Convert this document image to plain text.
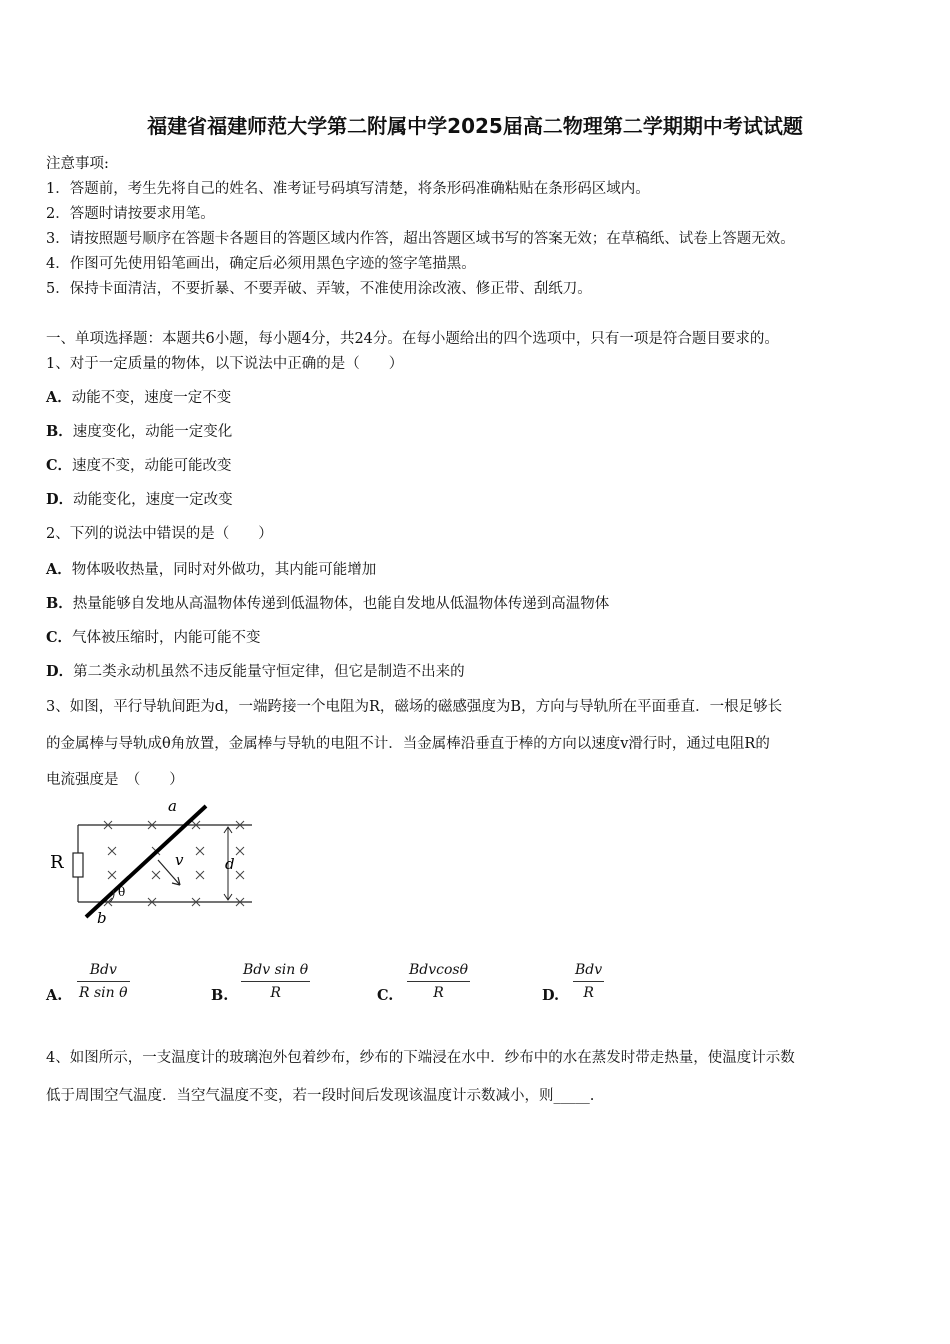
福建省福建师范大学第二附属中学2025届高二物理第二学期期中考试试题
注意事项:
1．答题前，考生先将自己的姓名、准考证号码填写清楚，将条形码准确粘贴在条形码区域内。
2．答题时请按要求用笔。
3．请按照题号顺序在答题卡各题目的答题区域内作答，超出答题区域书写的答案无效；在草稿纸、试卷上答题无效。
4．作图可先使用铅笔画出，确定后必须用黑色字迹的签字笔描黑。
5．保持卡面清洁，不要折暴、不要弄破、弄皱，不准使用涂改液、修正带、刮纸刀。
一、单项选择题：本题共6小题，每小题4分，共24分。在每小题给出的四个选项中，只有一项是符合题目要求的。
1、对于一定质量的物体，以下说法中正确的是（　　）
A．动能不变，速度一定不变
B．速度变化，动能一定变化
C．速度不变，动能可能改变
D．动能变化，速度一定改变
2、下列的说法中错误的是（　　）
A．物体吸收热量，同时对外做功，其内能可能增加
B．热量能够自发地从高温物体传递到低温物体，也能自发地从低温物体传递到高温物体
C．气体被压缩时，内能可能不变
D．第二类永动机虽然不违反能量守恒定律，但它是制造不出来的
3、如图，平行导轨间距为d，一端跨接一个电阻为R，磁场的磁感强度为B，方向与导轨所在平面垂直．一根足够长
的金属棒与导轨成θ角放置，金属棒与导轨的电阻不计．当金属棒沿垂直于棒的方向以速度v滑行时，通过电阻R的
电流强度是　（　　）
R
a
b
v	d
θ
A.
Bdv
R sin θ	B.
Bdv sin θ
R	C.
Bdvcosθ
R	D.
Bdv
R
4、如图所示，一支温度计的玻璃泡外包着纱布，纱布的下端浸在水中．纱布中的水在蒸发时带走热量，使温度计示数
低于周围空气温度．当空气温度不变，若一段时间后发现该温度计示数减小，则_____.
